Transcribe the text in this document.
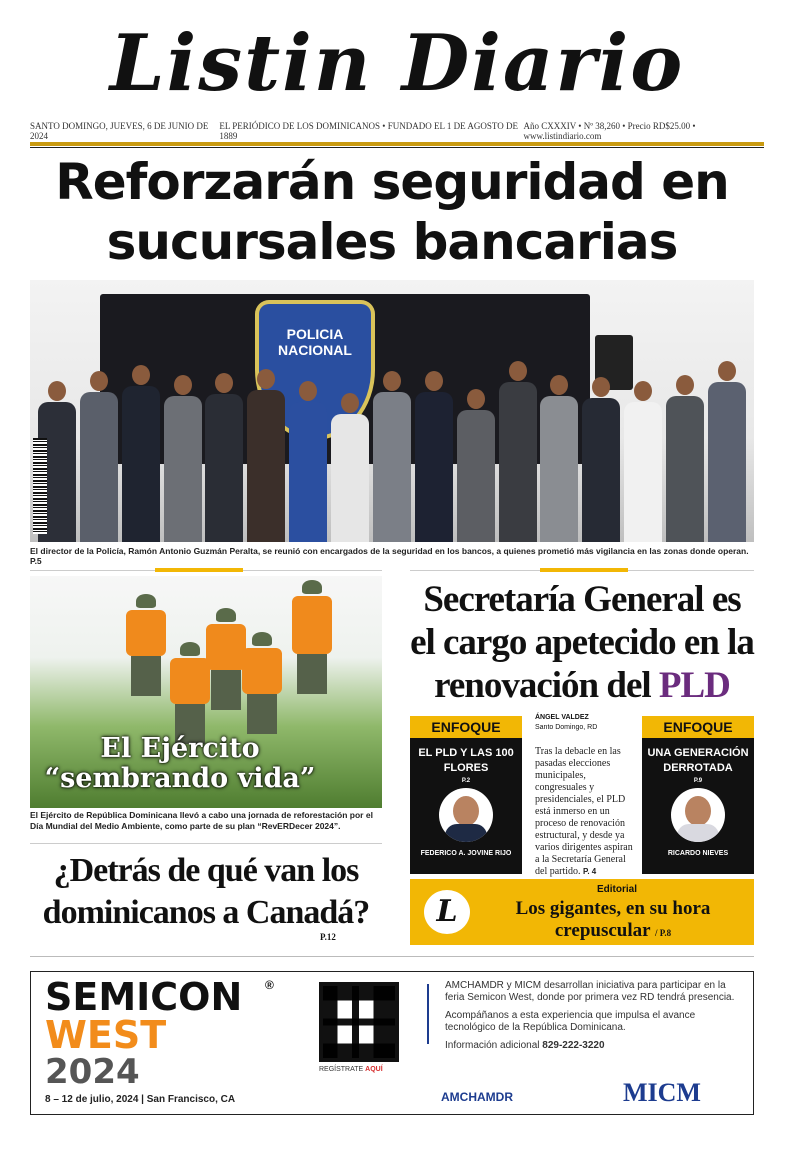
Listin Diario
SANTO DOMINGO, JUEVES, 6 DE JUNIO DE 2024
EL PERIÓDICO DE LOS DOMINICANOS • FUNDADO EL 1 DE AGOSTO DE 1889
Año CXXXIV • Nº 38,260 • Precio RD$25.00 • www.listindiario.com
Reforzarán seguridad en sucursales bancarias
POLICIA NACIONAL

El director de la Policía, Ramón Antonio Guzmán Peralta, se reunió con encargados de la seguridad en los bancos, a quienes prometió más vigilancia en las zonas donde operan. P.5

El Ejército “sembrando vida”

El Ejército de República Dominicana llevó a cabo una jornada de reforestación por el Día Mundial del Medio Ambiente, como parte de su plan “RevERDecer 2024”.

¿Detrás de qué van los dominicanos a Canadá?
P.12
Secretaría General es el cargo apetecido en la renovación del PLD
ENFOQUE
EL PLD Y LAS 100 FLORES
P.2
FEDERICO A. JOVINE RIJO
ÁNGEL VALDEZ
Santo Domingo, RD

Tras la debacle en las pasadas elecciones municipales, congresuales y presidenciales, el PLD está inmerso en un proceso de renovación estructural, y desde ya varios dirigentes aspiran a la Secretaría General del partido. P. 4

ENFOQUE
UNA GENERACIÓN DERROTADA
P.9
RICARDO NIEVES
L
Editorial
Los gigantes, en su hora crepuscular / P.8
SEMICON ®
WEST
2024
8 – 12 de julio, 2024 | San Francisco, CA
REGÍSTRATE AQUÍ

AMCHAMDR y MICM desarrollan iniciativa para participar en la feria Semicon West, donde por primera vez RD tendrá presencia.

Acompáñanos a esta experiencia que impulsa el avance tecnológico de la República Dominicana.

Información adicional 829-222-3220

AMCHAMDR	MICM
